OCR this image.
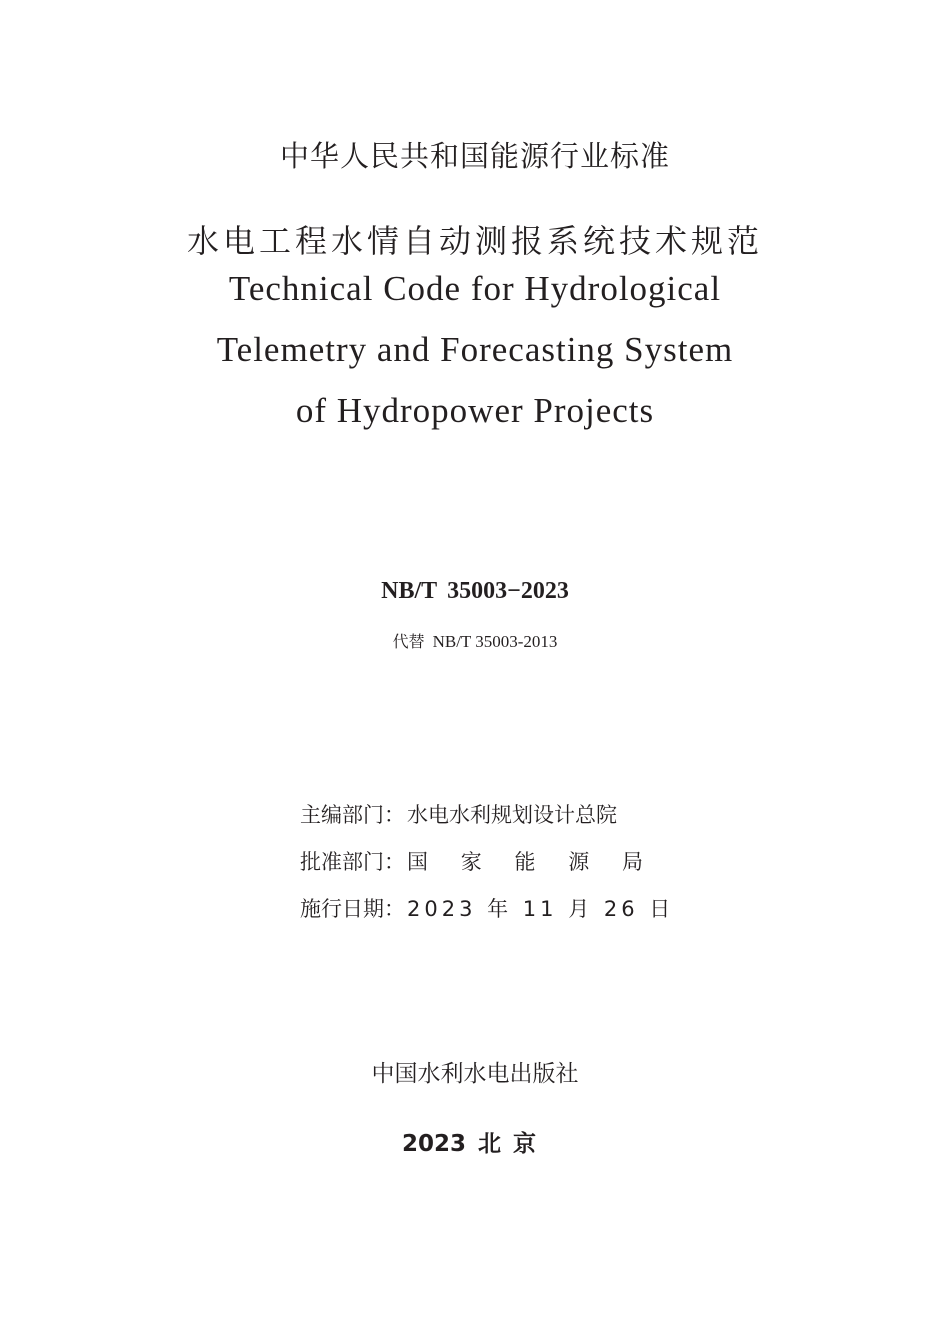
中华人民共和国能源行业标准
水电工程水情自动测报系统技术规范
Technical Code for Hydrological
Telemetry and Forecasting System
of Hydropower Projects
NB/T 35003−2023
代替 NB/T 35003-2013
主编部门：水电水利规划设计总院
批准部门： 国 家 能 源 局
施行日期：2023 年 11 月 26 日
中国水利水电出版社
2023 北京
